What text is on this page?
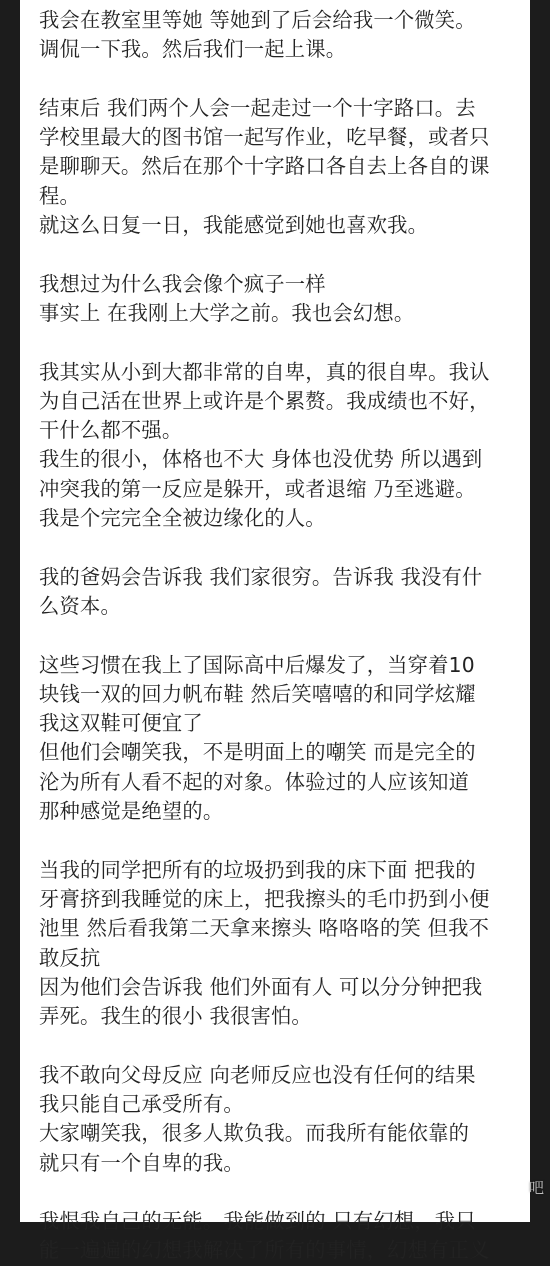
我会在教室里等她 等她到了后会给我一个微笑。
调侃一下我。然后我们一起上课。
结束后 我们两个人会一起走过一个十字路口。去
学校里最大的图书馆一起写作业，吃早餐，或者只
是聊聊天。然后在那个十字路口各自去上各自的课
程。
就这么日复一日，我能感觉到她也喜欢我。
我想过为什么我会像个疯子一样
事实上 在我刚上大学之前。我也会幻想。
我其实从小到大都非常的自卑，真的很自卑。我认
为自己活在世界上或许是个累赘。我成绩也不好，
干什么都不强。
我生的很小，体格也不大 身体也没优势 所以遇到
冲突我的第一反应是躲开，或者退缩 乃至逃避。
我是个完完全全被边缘化的人。
我的爸妈会告诉我 我们家很穷。告诉我 我没有什
么资本。
这些习惯在我上了国际高中后爆发了，当穿着10
块钱一双的回力帆布鞋 然后笑嘻嘻的和同学炫耀
我这双鞋可便宜了
但他们会嘲笑我，不是明面上的嘲笑 而是完全的
沦为所有人看不起的对象。体验过的人应该知道
那种感觉是绝望的。
当我的同学把所有的垃圾扔到我的床下面 把我的
牙膏挤到我睡觉的床上，把我擦头的毛巾扔到小便
池里 然后看我第二天拿来擦头 咯咯咯的笑 但我不
敢反抗
因为他们会告诉我 他们外面有人 可以分分钟把我
弄死。我生的很小 我很害怕。
我不敢向父母反应 向老师反应也没有任何的结果
我只能自己承受所有。
大家嘲笑我，很多人欺负我。而我所有能依靠的
就只有一个自卑的我。
我恨我自己的无能。我能做到的 只有幻想，我只
能一遍遍的幻想我解决了所有的事情，幻想有正义
吧
